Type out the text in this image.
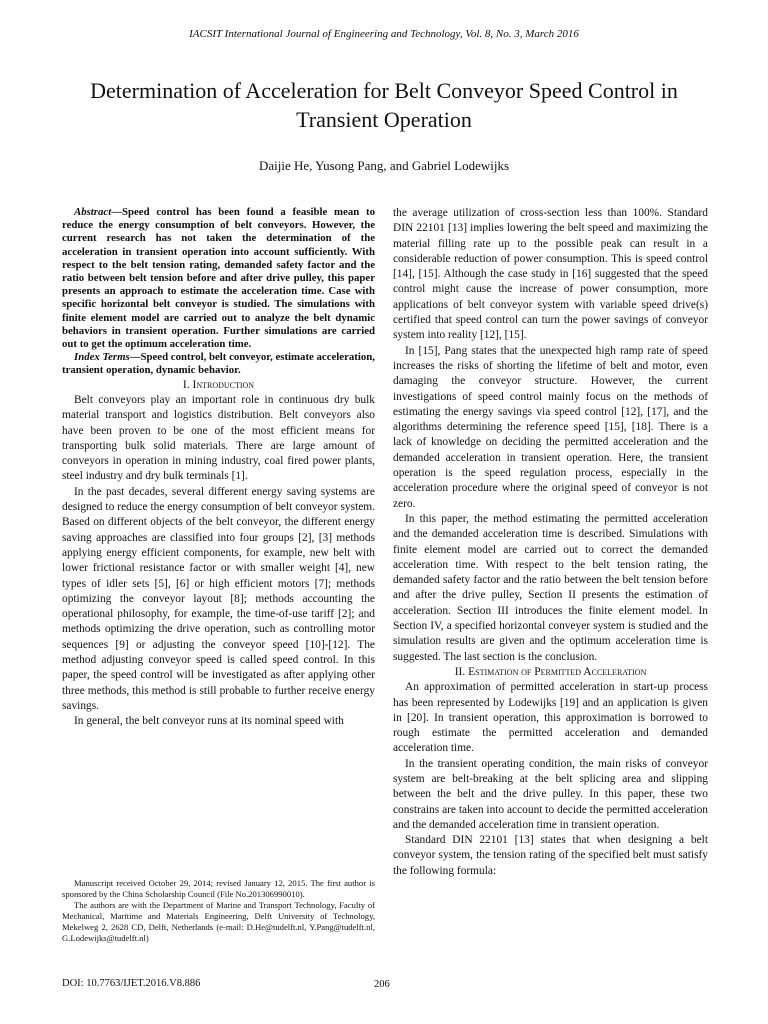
IACSIT International Journal of Engineering and Technology, Vol. 8, No. 3, March 2016
Determination of Acceleration for Belt Conveyor Speed Control in Transient Operation
Daijie He, Yusong Pang, and Gabriel Lodewijks

Abstract—Speed control has been found a feasible mean to reduce the energy consumption of belt conveyors. However, the current research has not taken the determination of the acceleration in transient operation into account sufficiently. With respect to the belt tension rating, demanded safety factor and the ratio between belt tension before and after drive pulley, this paper presents an approach to estimate the acceleration time. Case with specific horizontal belt conveyor is studied. The simulations with finite element model are carried out to analyze the belt dynamic behaviors in transient operation. Further simulations are carried out to get the optimum acceleration time.

Index Terms—Speed control, belt conveyor, estimate acceleration, transient operation, dynamic behavior.

I. Introduction

Belt conveyors play an important role in continuous dry bulk material transport and logistics distribution. Belt conveyors also have been proven to be one of the most efficient means for transporting bulk solid materials. There are large amount of conveyors in operation in mining industry, coal fired power plants, steel industry and dry bulk terminals [1].

In the past decades, several different energy saving systems are designed to reduce the energy consumption of belt conveyor system. Based on different objects of the belt conveyor, the different energy saving approaches are classified into four groups [2], [3] methods applying energy efficient components, for example, new belt with lower frictional resistance factor or with smaller weight [4], new types of idler sets [5], [6] or high efficient motors [7]; methods optimizing the conveyor layout [8]; methods accounting the operational philosophy, for example, the time-of-use tariff [2]; and methods optimizing the drive operation, such as controlling motor sequences [9] or adjusting the conveyor speed [10]-[12]. The method adjusting conveyor speed is called speed control. In this paper, the speed control will be investigated as after applying other three methods, this method is still probable to further receive energy savings.

In general, the belt conveyor runs at its nominal speed with

the average utilization of cross-section less than 100%. Standard DIN 22101 [13] implies lowering the belt speed and maximizing the material filling rate up to the possible peak can result in a considerable reduction of power consumption. This is speed control [14], [15]. Although the case study in [16] suggested that the speed control might cause the increase of power consumption, more applications of belt conveyor system with variable speed drive(s) certified that speed control can turn the power savings of conveyor system into reality [12], [15].

In [15], Pang states that the unexpected high ramp rate of speed increases the risks of shorting the lifetime of belt and motor, even damaging the conveyor structure. However, the current investigations of speed control mainly focus on the methods of estimating the energy savings via speed control [12], [17], and the algorithms determining the reference speed [15], [18]. There is a lack of knowledge on deciding the permitted acceleration and the demanded acceleration in transient operation. Here, the transient operation is the speed regulation process, especially in the acceleration procedure where the original speed of conveyor is not zero.

In this paper, the method estimating the permitted acceleration and the demanded acceleration time is described. Simulations with finite element model are carried out to correct the demanded acceleration time. With respect to the belt tension rating, the demanded safety factor and the ratio between the belt tension before and after the drive pulley, Section II presents the estimation of acceleration. Section III introduces the finite element model. In Section IV, a specified horizontal conveyer system is studied and the simulation results are given and the optimum acceleration time is suggested. The last section is the conclusion.

II. Estimation of Permitted Acceleration

An approximation of permitted acceleration in start-up process has been represented by Lodewijks [19] and an application is given in [20]. In transient operation, this approximation is borrowed to rough estimate the permitted acceleration and demanded acceleration time.

In the transient operating condition, the main risks of conveyor system are belt-breaking at the belt splicing area and slipping between the belt and the drive pulley. In this paper, these two constrains are taken into account to decide the permitted acceleration and the demanded acceleration time in transient operation.

Standard DIN 22101 [13] states that when designing a belt conveyor system, the tension rating of the specified belt must satisfy the following formula:

Manuscript received October 29, 2014; revised January 12, 2015. The first author is sponsored by the China Scholarship Council (File No.201306990010).

The authors are with the Department of Marine and Transport Technology, Faculty of Mechanical, Maritime and Materials Engineering, Delft University of Technology, Mekelweg 2, 2628 CD, Delft, Netherlands (e-mail: D.He@tudelft.nl, Y.Pang@tudelft.nl, G.Lodewijks@tudelft.nl)

DOI: 10.7763/IJET.2016.V8.886	206
